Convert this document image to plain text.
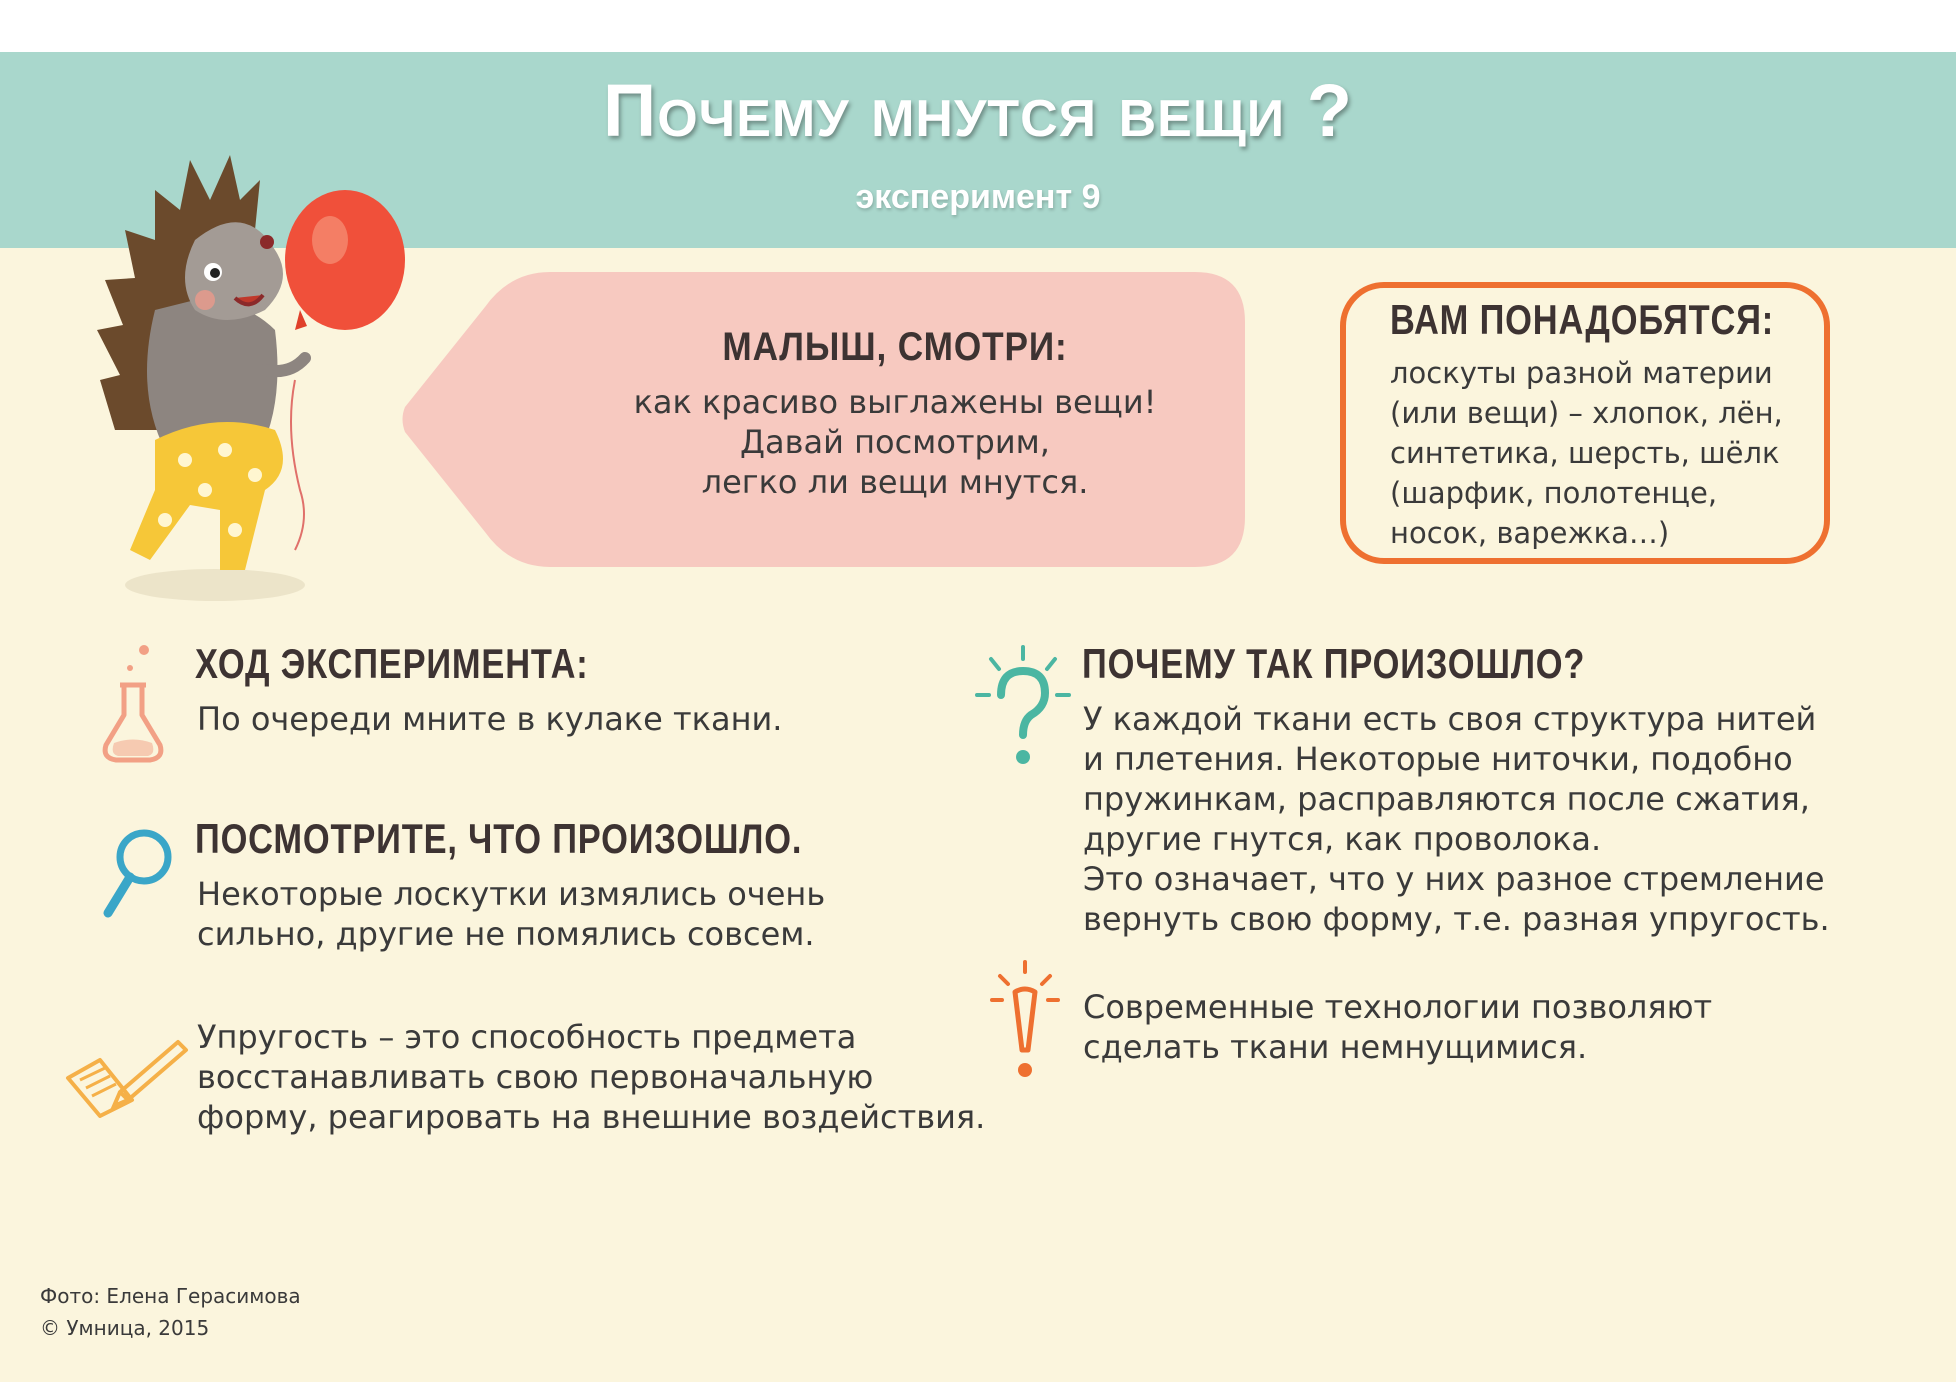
Почему мнутся вещи ?
эксперимент 9
МАЛЫШ, СМОТРИ:
как красиво выглажены вещи!
Давай посмотрим,
легко ли вещи мнутся.
ВАМ ПОНАДОБЯТСЯ:
лоскуты разной материи
(или вещи) – хлопок, лён,
синтетика, шерсть, шёлк
(шарфик, полотенце,
носок, варежка…)
ХОД ЭКСПЕРИМЕНТА:
По очереди мните в кулаке ткани.
ПОСМОТРИТЕ, ЧТО ПРОИЗОШЛО.
Некоторые лоскутки измялись очень
сильно, другие не помялись совсем.
Упругость – это способность предмета
восстанавливать свою первоначальную
форму, реагировать на внешние воздействия.
ПОЧЕМУ ТАК ПРОИЗОШЛО?
У каждой ткани есть своя структура нитей
и плетения. Некоторые ниточки, подобно
пружинкам, расправляются после сжатия,
другие гнутся, как проволока.
Это означает, что у них разное стремление
вернуть свою форму, т.е. разная упругость.
Современные технологии позволяют
сделать ткани немнущимися.
Фото: Елена Герасимова
© Умница, 2015
